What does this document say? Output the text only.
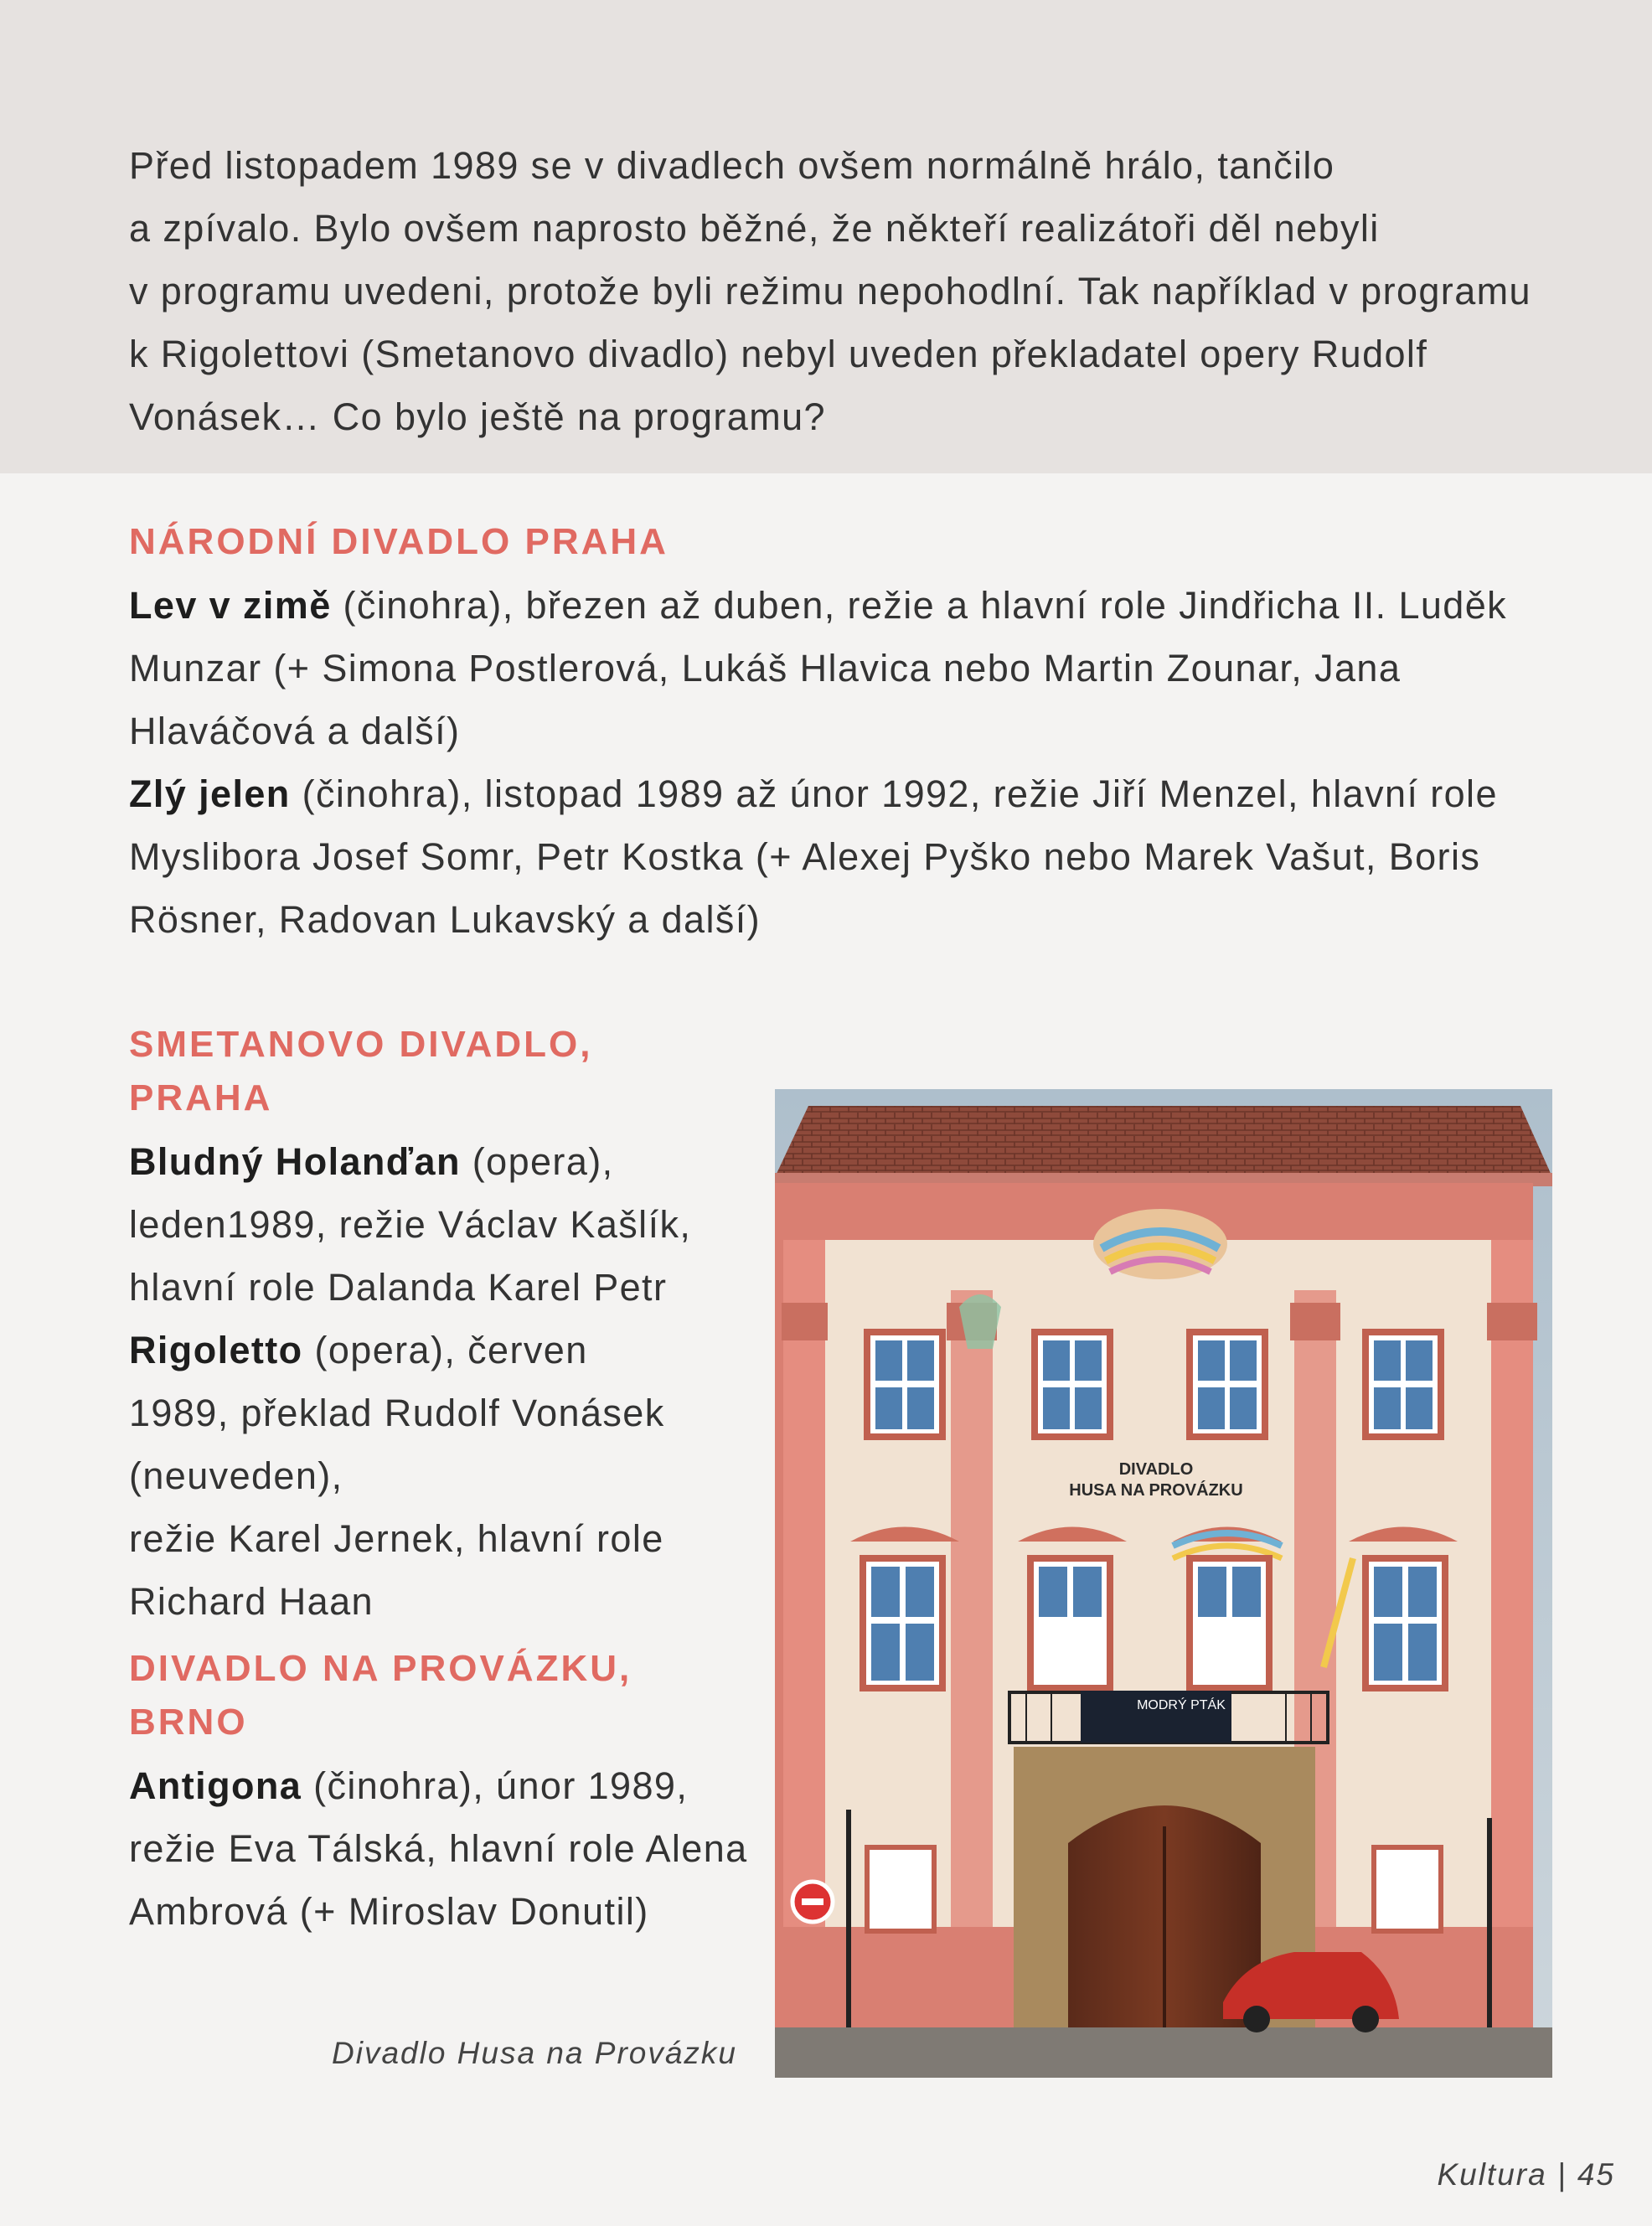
Před listopadem 1989 se v divadlech ovšem normálně hrálo, tančilo
a zpívalo. Bylo ovšem naprosto běžné, že někteří realizátoři děl nebyli
v programu uvedeni, protože byli režimu nepohodlní. Tak například v programu
k Rigolettovi (Smetanovo divadlo) nebyl uveden překladatel opery Rudolf
Vonásek… Co bylo ještě na programu?

NÁRODNÍ DIVADLO PRAHA

Lev v zimě (činohra), březen až duben, režie a hlavní role Jindřicha II. Luděk
Munzar (+ Simona Postlerová, Lukáš Hlavica nebo Martin Zounar, Jana
Hlaváčová a další)

Zlý jelen (činohra), listopad 1989 až únor 1992, režie Jiří Menzel, hlavní role
Myslibora Josef Somr, Petr Kostka (+ Alexej Pyško nebo Marek Vašut, Boris
Rösner, Radovan Lukavský a další)

SMETANOVO DIVADLO, PRAHA

Bludný Holanďan (opera),
leden1989, režie Václav Kašlík,
hlavní role Dalanda Karel Petr

Rigoletto (opera), červen
1989, překlad Rudolf Vonásek
(neuveden),
režie Karel Jernek, hlavní role
Richard Haan

DIVADLO NA PROVÁZKU, BRNO

Antigona (činohra), únor 1989,
režie Eva Tálská, hlavní role Alena
Ambrová (+ Miroslav Donutil)

DIVADLO
HUSA NA PROVÁZKU
MODRÝ PTÁK
Divadlo Husa na Provázku
Kultura | 45
